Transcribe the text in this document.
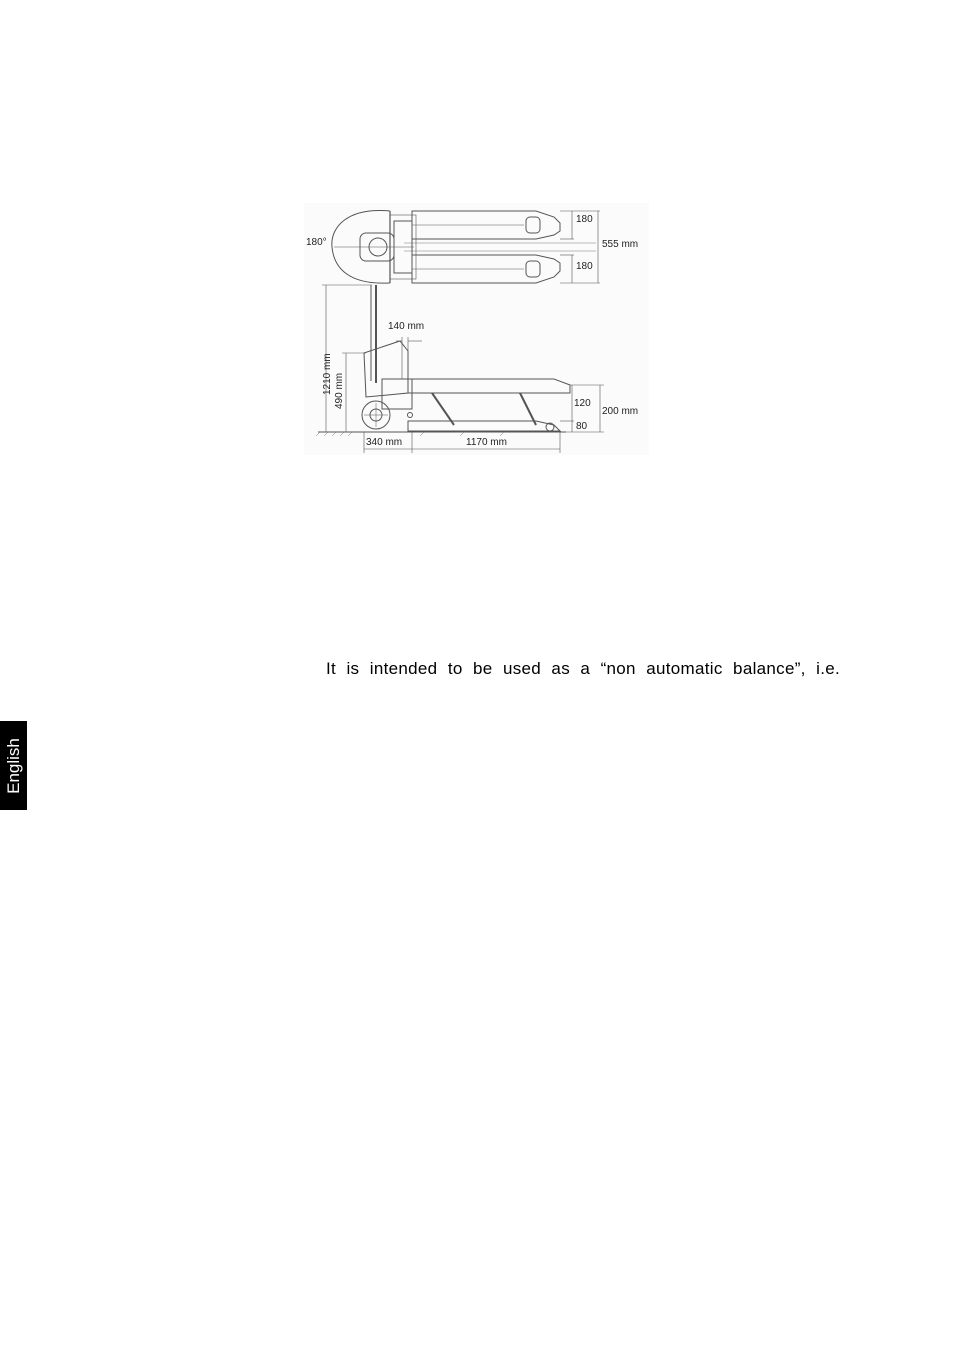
180°
180
180
555 mm
140 mm
120
80
200 mm
340 mm	1170 mm
1210 mm 490 mm

It is intended to be used as a “non automatic balance”, i.e.

English
